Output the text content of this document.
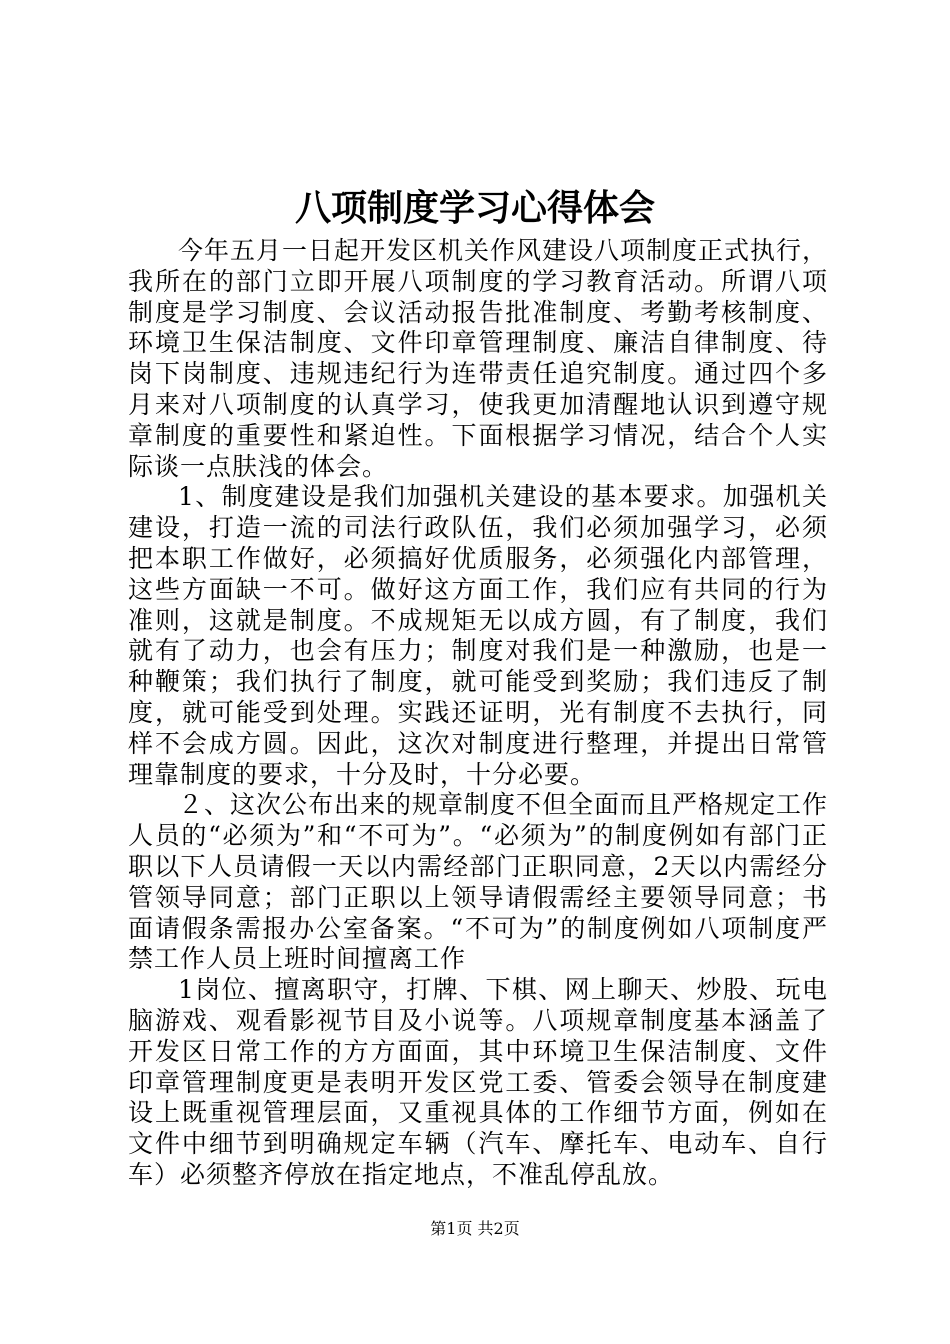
八项制度学习心得体会

今年五月一日起开发区机关作风建设八项制度正式执行，我所在的部门立即开展八项制度的学习教育活动。所谓八项制度是学习制度、会议活动报告批准制度、考勤考核制度、环境卫生保洁制度、文件印章管理制度、廉洁自律制度、待岗下岗制度、违规违纪行为连带责任追究制度。通过四个多月来对八项制度的认真学习，使我更加清醒地认识到遵守规章制度的重要性和紧迫性。下面根据学习情况，结合个人实际谈一点肤浅的体会。

1、制度建设是我们加强机关建设的基本要求。加强机关建设，打造一流的司法行政队伍，我们必须加强学习，必须把本职工作做好，必须搞好优质服务，必须强化内部管理，这些方面缺一不可。做好这方面工作，我们应有共同的行为准则，这就是制度。不成规矩无以成方圆，有了制度，我们就有了动力，也会有压力；制度对我们是一种激励，也是一种鞭策；我们执行了制度，就可能受到奖励；我们违反了制度，就可能受到处理。实践还证明，光有制度不去执行，同样不会成方圆。因此，这次对制度进行整理，并提出日常管理靠制度的要求，十分及时，十分必要。

２、这次公布出来的规章制度不但全面而且严格规定工作人员的“必须为”和“不可为”。“必须为”的制度例如有部门正职以下人员请假一天以内需经部门正职同意，2天以内需经分管领导同意；部门正职以上领导请假需经主要领导同意；书面请假条需报办公室备案。“不可为”的制度例如八项制度严禁工作人员上班时间擅离工作

1岗位、擅离职守，打牌、下棋、网上聊天、炒股、玩电脑游戏、观看影视节目及小说等。八项规章制度基本涵盖了开发区日常工作的方方面面，其中环境卫生保洁制度、文件印章管理制度更是表明开发区党工委、管委会领导在制度建设上既重视管理层面，又重视具体的工作细节方面，例如在文件中细节到明确规定车辆（汽车、摩托车、电动车、自行车）必须整齐停放在指定地点，不准乱停乱放。

第1页 共2页
